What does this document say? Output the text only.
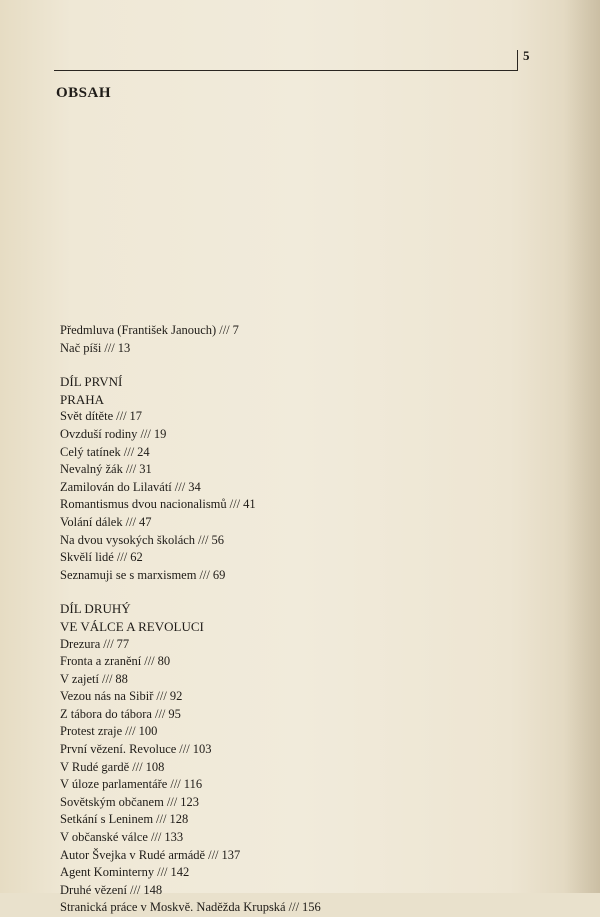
5
OBSAH
Předmluva (František Janouch) /// 7
Nač píši /// 13
DÍL PRVNÍ
PRAHA
Svět dítěte /// 17
Ovzduší rodiny /// 19
Celý tatínek /// 24
Nevalný žák /// 31
Zamilován do Lilavátí /// 34
Romantismus dvou nacionalismů /// 41
Volání dálek /// 47
Na dvou vysokých školách /// 56
Skvělí lidé /// 62
Seznamuji se s marxismem /// 69
DÍL DRUHÝ
VE VÁLCE A REVOLUCI
Drezura /// 77
Fronta a zranění /// 80
V zajetí /// 88
Vezou nás na Sibiř /// 92
Z tábora do tábora /// 95
Protest zraje /// 100
První vězení. Revoluce /// 103
V Rudé gardě /// 108
V úloze parlamentáře /// 116
Sovětským občanem /// 123
Setkání s Leninem /// 128
V občanské válce /// 133
Autor Švejka v Rudé armádě /// 137
Agent Kominterny /// 142
Druhé vězení /// 148
Stranická práce v Moskvě. Naděžda Krupská /// 156
